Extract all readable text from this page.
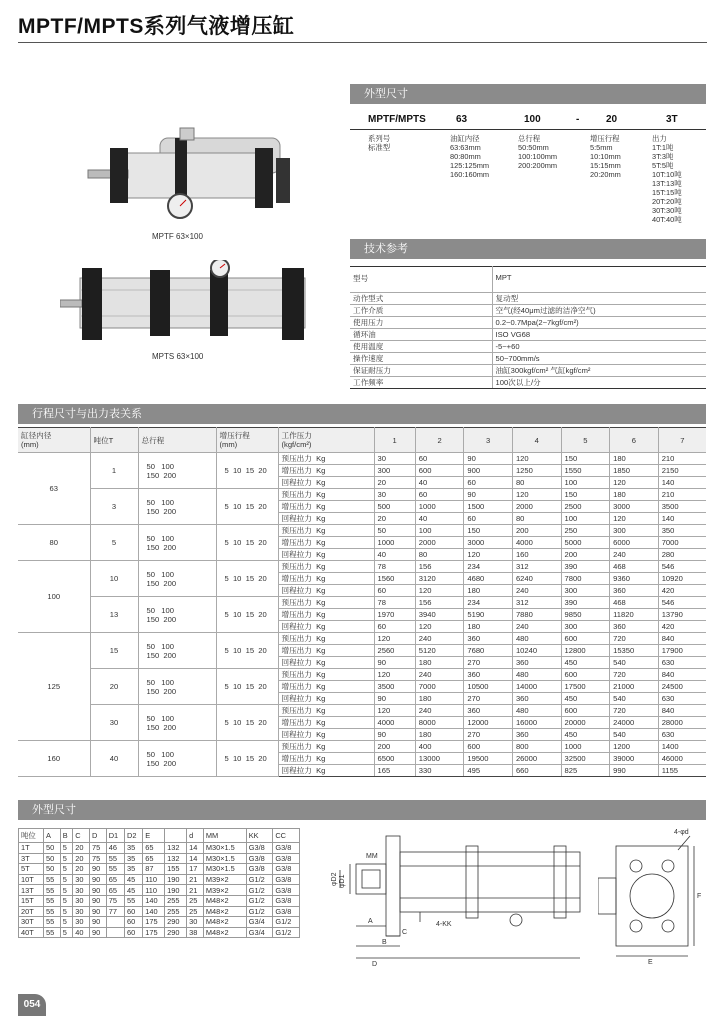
MPTF/MPTS系列气液增压缸
外型尺寸
技术参考
行程尺寸与出力表关系
外型尺寸
MPTF 63×100
MPTS 63×100
MPTF/MPTS	63	100	-	20	3T
系列号
标准型
油缸内径
63:63mm
80:80mm
125:125mm
160:160mm
总行程
50:50mm
100:100mm
200:200mm
增压行程
5:5mm
10:10mm
15:15mm
20:20mm
出力
1T:1吨
3T:3吨
5T:5吨
10T:10吨
13T:13吨
15T:15吨
20T:20吨
30T:30吨
40T:40吨
型号	MPT
动作型式	复动型
工作介质	空气(经40μm过滤的洁净空气)
使用压力	0.2~0.7Mpa(2~7kgf/cm²)
循环油	ISO VG68
使用温度	-5~+60
操作速度	50~700mm/s
保证耐压力	油缸300kgf/cm² 气缸kgf/cm²
工作频率	100次以上/分
缸径内径
(mm)	吨位T	总行程	增压行程
(mm)	工作压力
(kgf/cm²)	1	2	3	4	5	6	7
63	1	50   100
150  200	5  10  15  20	预压出力  Kg	30	60	90	120	150	180	210
				增压出力  Kg	300	600	900	1250	1550	1850	2150
				回程拉力  Kg	20	40	60	80	100	120	140
	3	50   100
150  200	5  10  15  20	预压出力  Kg	30	60	90	120	150	180	210
				增压出力  Kg	500	1000	1500	2000	2500	3000	3500
				回程拉力  Kg	20	40	60	80	100	120	140
80	5	50   100
150  200	5  10  15  20	预压出力  Kg	50	100	150	200	250	300	350
				增压出力  Kg	1000	2000	3000	4000	5000	6000	7000
				回程拉力  Kg	40	80	120	160	200	240	280
100	10	50   100
150  200	5  10  15  20	预压出力  Kg	78	156	234	312	390	468	546
				增压出力  Kg	1560	3120	4680	6240	7800	9360	10920
				回程拉力  Kg	60	120	180	240	300	360	420
	13	50   100
150  200	5  10  15  20	预压出力  Kg	78	156	234	312	390	468	546
				增压出力  Kg	1970	3940	5190	7880	9850	11820	13790
				回程拉力  Kg	60	120	180	240	300	360	420
125	15	50   100
150  200	5  10  15  20	预压出力  Kg	120	240	360	480	600	720	840
				增压出力  Kg	2560	5120	7680	10240	12800	15350	17900
				回程拉力  Kg	90	180	270	360	450	540	630
	20	50   100
150  200	5  10  15  20	预压出力  Kg	120	240	360	480	600	720	840
				增压出力  Kg	3500	7000	10500	14000	17500	21000	24500
				回程拉力  Kg	90	180	270	360	450	540	630
	30	50   100
150  200	5  10  15  20	预压出力  Kg	120	240	360	480	600	720	840
				增压出力  Kg	4000	8000	12000	16000	20000	24000	28000
				回程拉力  Kg	90	180	270	360	450	540	630
160	40	50   100
150  200	5  10  15  20	预压出力  Kg	200	400	600	800	1000	1200	1400
				增压出力  Kg	6500	13000	19500	26000	32500	39000	46000
				回程拉力  Kg	165	330	495	660	825	990	1155
吨位	A	B	C	D	D1	D2	E		d	MM	KK	CC
1T	50	5	20	75	46	35	65	132	14	M30×1.5	G3/8	G3/8
3T	50	5	20	75	55	35	65	132	14	M30×1.5	G3/8	G3/8
5T	50	5	20	90	55	35	87	155	17	M30×1.5	G3/8	G3/8
10T	55	5	30	90	65	45	110	190	21	M39×2	G1/2	G3/8
13T	55	5	30	90	65	45	110	190	21	M39×2	G1/2	G3/8
15T	55	5	30	90	75	55	140	255	25	M48×2	G1/2	G3/8
20T	55	5	30	90	77	60	140	255	25	M48×2	G1/2	G3/8
30T	55	5	30	90		60	175	290	30	M48×2	G3/4	G1/2
40T	55	5	40	90		60	175	290	38	M48×2	G3/4	G1/2
MM
φD1
φD2
A
C
B
D
4-KK
4-φd
F
E
054
